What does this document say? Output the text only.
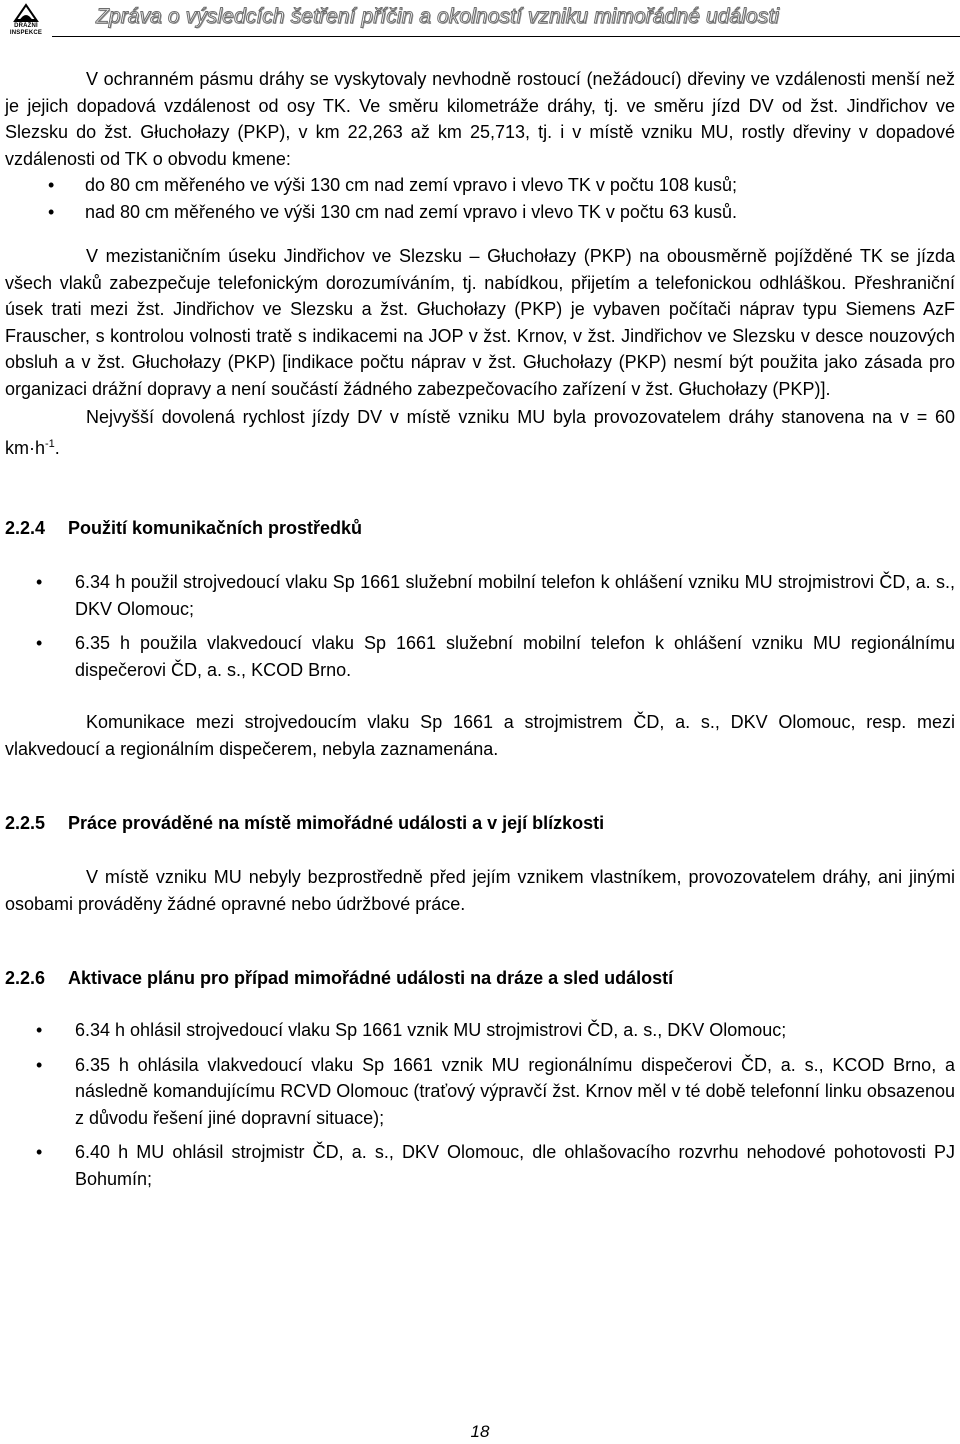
DRÁŽNÍ
INSPEKCE
Zpráva o výsledcích šetření příčin a okolností vzniku mimořádné události

V ochranném pásmu dráhy se vyskytovaly nevhodně rostoucí (nežádoucí) dřeviny ve vzdálenosti menší než je jejich dopadová vzdálenost od osy TK. Ve směru kilometráže dráhy, tj. ve směru jízd DV od žst. Jindřichov ve Slezsku do žst. Głuchołazy (PKP), v km 22,263 až km 25,713, tj. i v místě vzniku MU, rostly dřeviny v dopadové vzdálenosti od TK o obvodu kmene:

• do 80 cm měřeného ve výši 130 cm nad zemí vpravo i vlevo TK v počtu 108 kusů;
• nad 80 cm měřeného ve výši 130 cm nad zemí vpravo i vlevo TK v počtu 63 kusů.

V mezistaničním úseku Jindřichov ve Slezsku – Głuchołazy (PKP) na obousměrně pojížděné TK se jízda všech vlaků zabezpečuje telefonickým dorozumíváním, tj. nabídkou, přijetím a telefonickou odhláškou. Přeshraniční úsek trati mezi žst. Jindřichov ve Slezsku a žst. Głuchołazy (PKP) je vybaven počítači náprav typu Siemens AzF Frauscher, s kontrolou volnosti tratě s indikacemi na JOP v žst. Krnov, v žst. Jindřichov ve Slezsku v desce nouzových obsluh a v žst. Głuchołazy (PKP) [indikace počtu náprav v žst. Głuchołazy (PKP) nesmí být použita jako zásada pro organizaci drážní dopravy a není součástí žádného zabezpečovacího zařízení v žst. Głuchołazy (PKP)].

Nejvyšší dovolená rychlost jízdy DV v místě vzniku MU byla provozovatelem dráhy stanovena na v = 60 $km\cdot h^{-1}$.

2.2.4 Použití komunikačních prostředků
• 6.34 h použil strojvedoucí vlaku Sp 1661 služební mobilní telefon k ohlášení vzniku MU strojmistrovi ČD, a. s., DKV Olomouc;
• 6.35 h použila vlakvedoucí vlaku Sp 1661 služební mobilní telefon k ohlášení vzniku MU regionálnímu dispečerovi ČD, a. s., KCOD Brno.

Komunikace mezi strojvedoucím vlaku Sp 1661 a strojmistrem ČD, a. s., DKV Olomouc, resp. mezi vlakvedoucí a regionálním dispečerem, nebyla zaznamenána.

2.2.5 Práce prováděné na místě mimořádné události a v její blízkosti

V místě vzniku MU nebyly bezprostředně před jejím vznikem vlastníkem, provozovatelem dráhy, ani jinými osobami prováděny žádné opravné nebo údržbové práce.

2.2.6 Aktivace plánu pro případ mimořádné události na dráze a sled událostí
• 6.34 h ohlásil strojvedoucí vlaku Sp 1661 vznik MU strojmistrovi ČD, a. s., DKV Olomouc;
• 6.35 h ohlásila vlakvedoucí vlaku Sp 1661 vznik MU regionálnímu dispečerovi ČD, a. s., KCOD Brno, a následně komandujícímu RCVD Olomouc (traťový výpravčí žst. Krnov měl v té době telefonní linku obsazenou z důvodu řešení jiné dopravní situace);
• 6.40 h MU ohlásil strojmistr ČD, a. s., DKV Olomouc, dle ohlašovacího rozvrhu nehodové pohotovosti PJ Bohumín;
18
